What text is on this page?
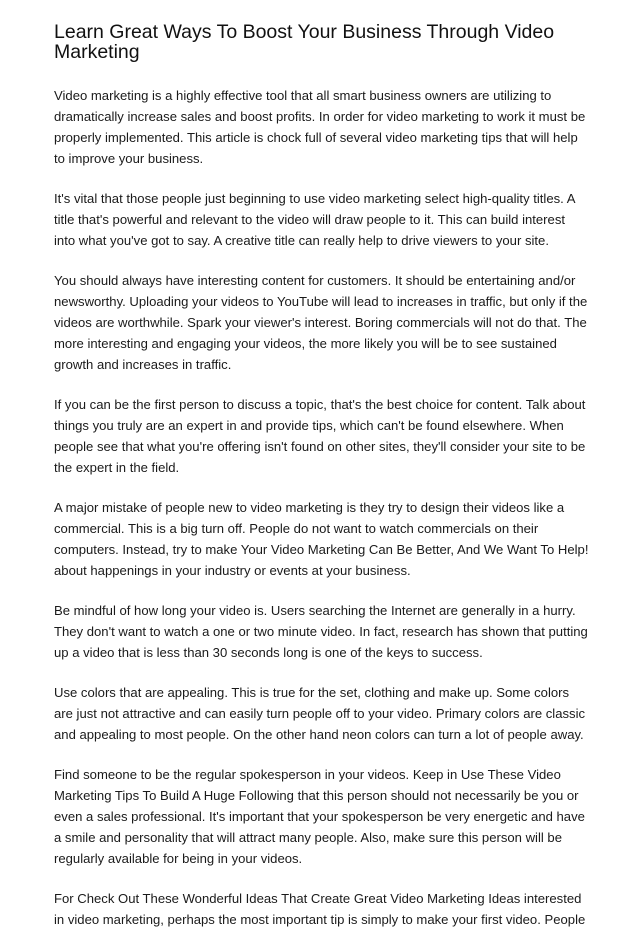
Learn Great Ways To Boost Your Business Through Video Marketing

Video marketing is a highly effective tool that all smart business owners are utilizing to dramatically increase sales and boost profits. In order for video marketing to work it must be properly implemented. This article is chock full of several video marketing tips that will help to improve your business.

It's vital that those people just beginning to use video marketing select high-quality titles. A title that's powerful and relevant to the video will draw people to it. This can build interest into what you've got to say. A creative title can really help to drive viewers to your site.

You should always have interesting content for customers. It should be entertaining and/or newsworthy. Uploading your videos to YouTube will lead to increases in traffic, but only if the videos are worthwhile. Spark your viewer's interest. Boring commercials will not do that. The more interesting and engaging your videos, the more likely you will be to see sustained growth and increases in traffic.

If you can be the first person to discuss a topic, that's the best choice for content. Talk about things you truly are an expert in and provide tips, which can't be found elsewhere. When people see that what you're offering isn't found on other sites, they'll consider your site to be the expert in the field.

A major mistake of people new to video marketing is they try to design their videos like a commercial. This is a big turn off. People do not want to watch commercials on their computers. Instead, try to make Your Video Marketing Can Be Better, And We Want To Help! about happenings in your industry or events at your business.

Be mindful of how long your video is. Users searching the Internet are generally in a hurry. They don't want to watch a one or two minute video. In fact, research has shown that putting up a video that is less than 30 seconds long is one of the keys to success.

Use colors that are appealing. This is true for the set, clothing and make up. Some colors are just not attractive and can easily turn people off to your video. Primary colors are classic and appealing to most people. On the other hand neon colors can turn a lot of people away.

Find someone to be the regular spokesperson in your videos. Keep in Use These Video Marketing Tips To Build A Huge Following that this person should not necessarily be you or even a sales professional. It's important that your spokesperson be very energetic and have a smile and personality that will attract many people. Also, make sure this person will be regularly available for being in your videos.

For Check Out These Wonderful Ideas That Create Great Video Marketing Ideas interested in video marketing, perhaps the most important tip is simply to make your first video. People
